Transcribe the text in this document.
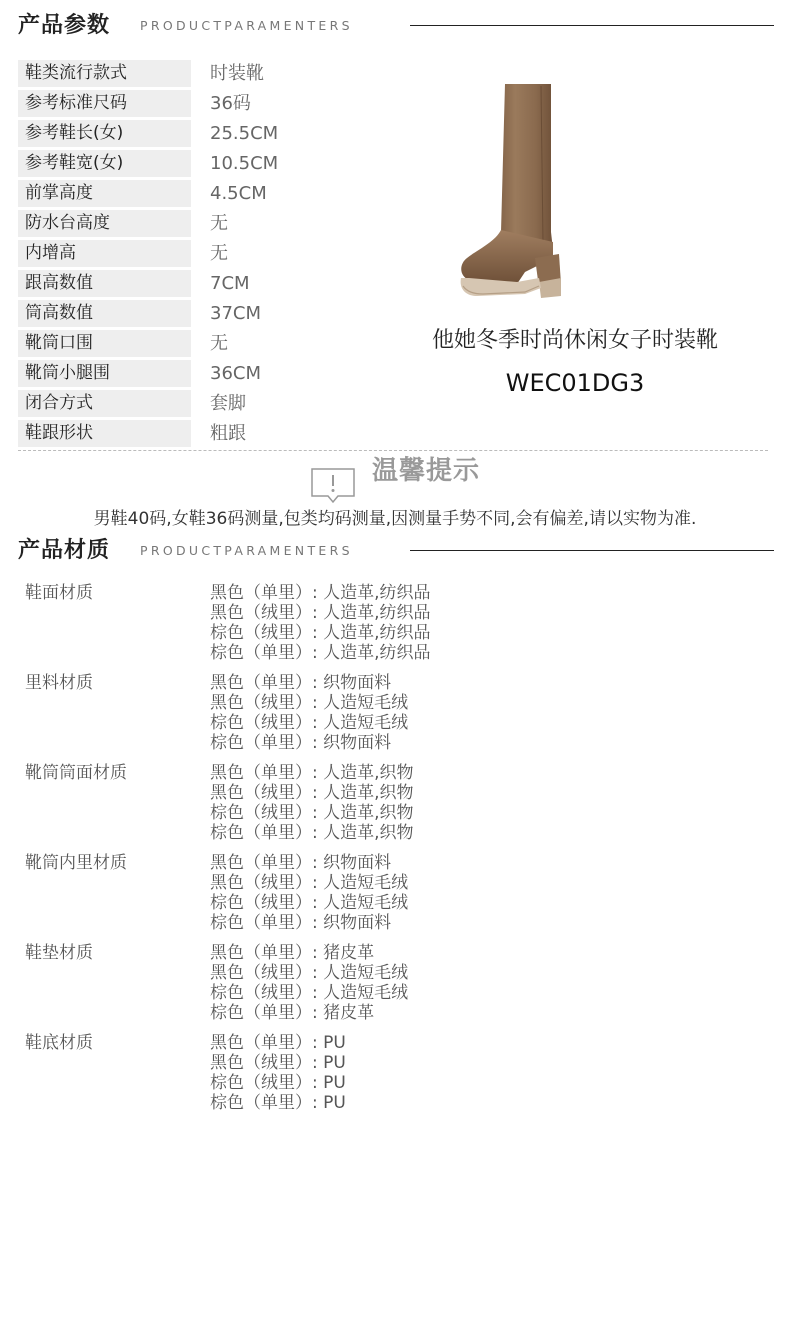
产品参数 PRODUCTPARAMENTERS
鞋类流行款式	时装靴
参考标准尺码	36码
参考鞋长(女)	25.5CM
参考鞋宽(女)	10.5CM
前掌高度	4.5CM
防水台高度	无
内增高	无
跟高数值	7CM
筒高数值	37CM
靴筒口围	无
靴筒小腿围	36CM
闭合方式	套脚
鞋跟形状	粗跟
他她冬季时尚休闲女子时装靴
WEC01DG3
温馨提示
男鞋40码,女鞋36码测量,包类均码测量,因测量手势不同,会有偏差,请以实物为准.
产品材质 PRODUCTPARAMENTERS
鞋面材质	黑色（单里）: 人造革,纺织品
黑色（绒里）: 人造革,纺织品
棕色（绒里）: 人造革,纺织品
棕色（单里）: 人造革,纺织品
里料材质	黑色（单里）: 织物面料
黑色（绒里）: 人造短毛绒
棕色（绒里）: 人造短毛绒
棕色（单里）: 织物面料
靴筒筒面材质	黑色（单里）: 人造革,织物
黑色（绒里）: 人造革,织物
棕色（绒里）: 人造革,织物
棕色（单里）: 人造革,织物
靴筒内里材质	黑色（单里）: 织物面料
黑色（绒里）: 人造短毛绒
棕色（绒里）: 人造短毛绒
棕色（单里）: 织物面料
鞋垫材质	黑色（单里）: 猪皮革
黑色（绒里）: 人造短毛绒
棕色（绒里）: 人造短毛绒
棕色（单里）: 猪皮革
鞋底材质	黑色（单里）: PU
黑色（绒里）: PU
棕色（绒里）: PU
棕色（单里）: PU
